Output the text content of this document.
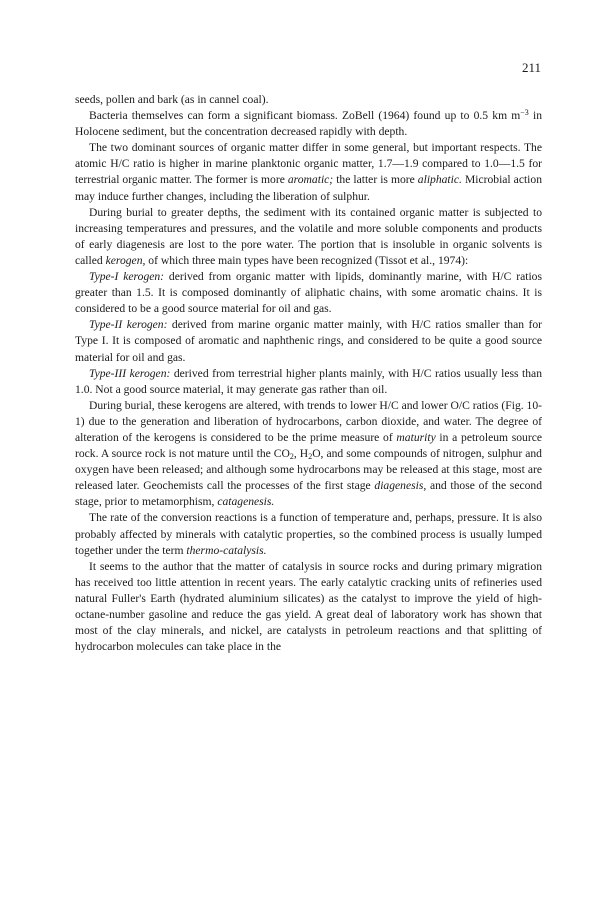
211

seeds, pollen and bark (as in cannel coal).

Bacteria themselves can form a significant biomass. ZoBell (1964) found up to 0.5 km $m^{-3}$ in Holocene sediment, but the concentration decreased rapidly with depth.

The two dominant sources of organic matter differ in some general, but important respects. The atomic H/C ratio is higher in marine planktonic organic matter, 1.7—1.9 compared to 1.0—1.5 for terrestrial organic matter. The former is more aromatic; the latter is more aliphatic. Microbial action may induce further changes, including the liberation of sulphur.

During burial to greater depths, the sediment with its contained organic matter is subjected to increasing temperatures and pressures, and the volatile and more soluble components and products of early diagenesis are lost to the pore water. The portion that is insoluble in organic solvents is called kerogen, of which three main types have been recognized (Tissot et al., 1974):

Type-I kerogen: derived from organic matter with lipids, dominantly marine, with H/C ratios greater than 1.5. It is composed dominantly of aliphatic chains, with some aromatic chains. It is considered to be a good source material for oil and gas.

Type-II kerogen: derived from marine organic matter mainly, with H/C ratios smaller than for Type I. It is composed of aromatic and naphthenic rings, and considered to be quite a good source material for oil and gas.

Type-III kerogen: derived from terrestrial higher plants mainly, with H/C ratios usually less than 1.0. Not a good source material, it may generate gas rather than oil.

During burial, these kerogens are altered, with trends to lower H/C and lower O/C ratios (Fig. 10-1) due to the generation and liberation of hydrocarbons, carbon dioxide, and water. The degree of alteration of the kerogens is considered to be the prime measure of maturity in a petroleum source rock. A source rock is not mature until the $CO_2$, $H_2O$, and some compounds of nitrogen, sulphur and oxygen have been released; and although some hydrocarbons may be released at this stage, most are released later. Geochemists call the processes of the first stage diagenesis, and those of the second stage, prior to metamorphism, catagenesis.

The rate of the conversion reactions is a function of temperature and, perhaps, pressure. It is also probably affected by minerals with catalytic properties, so the combined process is usually lumped together under the term thermo-catalysis.

It seems to the author that the matter of catalysis in source rocks and during primary migration has received too little attention in recent years. The early catalytic cracking units of refineries used natural Fuller's Earth (hydrated aluminium silicates) as the catalyst to improve the yield of high-octane-number gasoline and reduce the gas yield. A great deal of laboratory work has shown that most of the clay minerals, and nickel, are catalysts in petroleum reactions and that splitting of hydrocarbon molecules can take place in the
